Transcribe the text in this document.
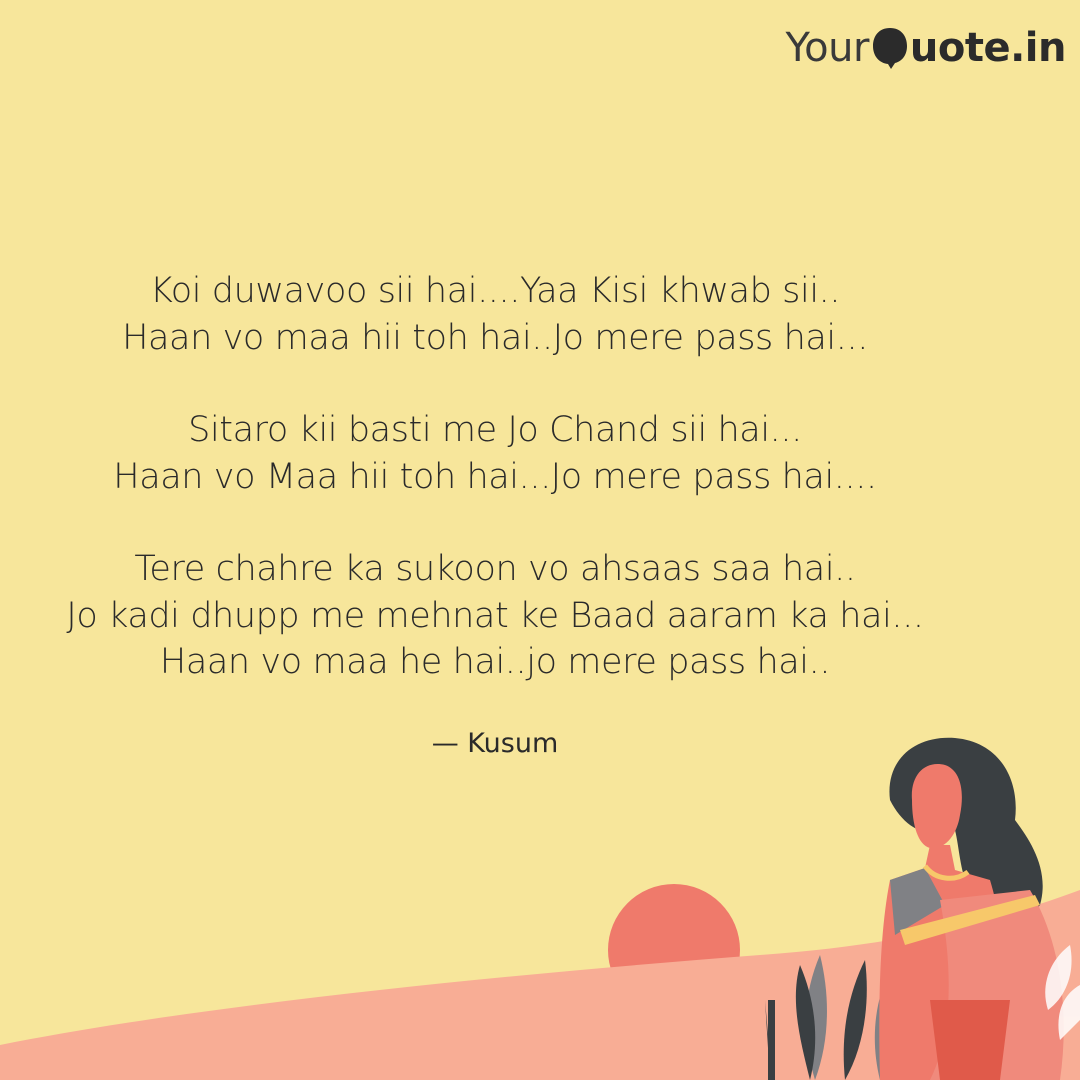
Your uote.in
Koi duwavoo sii hai....Yaa Kisi khwab sii..
Haan vo maa hii toh hai..Jo mere pass hai...
Sitaro kii basti me Jo Chand sii hai...
Haan vo Maa hii toh hai...Jo mere pass hai....
Tere chahre ka sukoon vo ahsaas saa hai..
Jo kadi dhupp me mehnat ke Baad aaram ka hai...
Haan vo maa he hai..jo mere pass hai..
— Kusum
